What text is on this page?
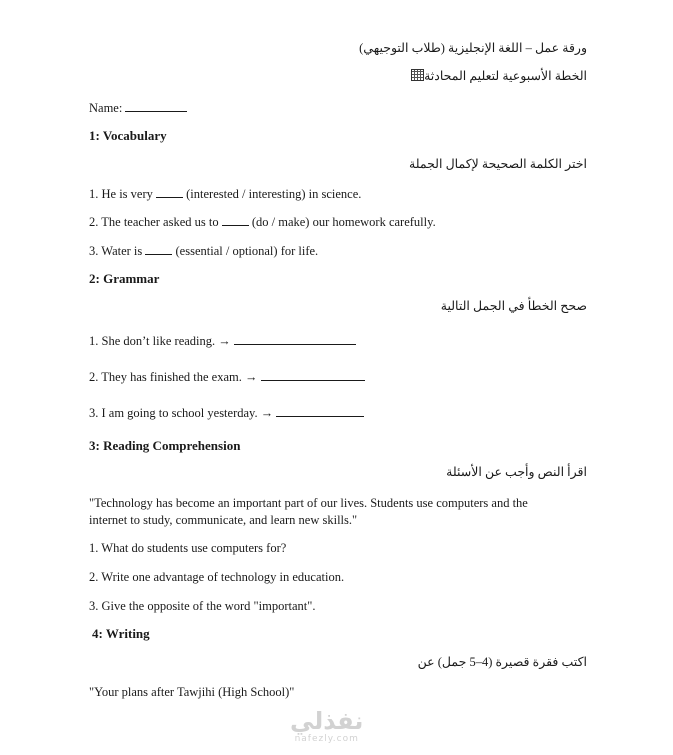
ورقة عمل – اللغة الإنجليزية (طلاب التوجيهي)
الخطة الأسبوعية لتعليم المحادثة
Name:
1: Vocabulary
اختر الكلمة الصحيحة لإكمال الجملة
1. He is very  (interested / interesting) in science.
2. The teacher asked us to  (do / make) our homework carefully.
3. Water is  (essential / optional) for life.
2: Grammar
صحح الخطأ في الجمل التالية
1. She don’t like reading. →
2. They has finished the exam. →
3. I am going to school yesterday. →
3: Reading Comprehension
اقرأ النص وأجب عن الأسئلة
"Technology has become an important part of our lives. Students use computers and the
internet to study, communicate, and learn new skills."
1. What do students use computers for?
2. Write one advantage of technology in education.
3. Give the opposite of the word "important".
4: Writing
اكتب فقرة قصيرة (4–5 جمل) عن
"Your plans after Tawjihi (High School)"
نفذلي
nafezly.com
